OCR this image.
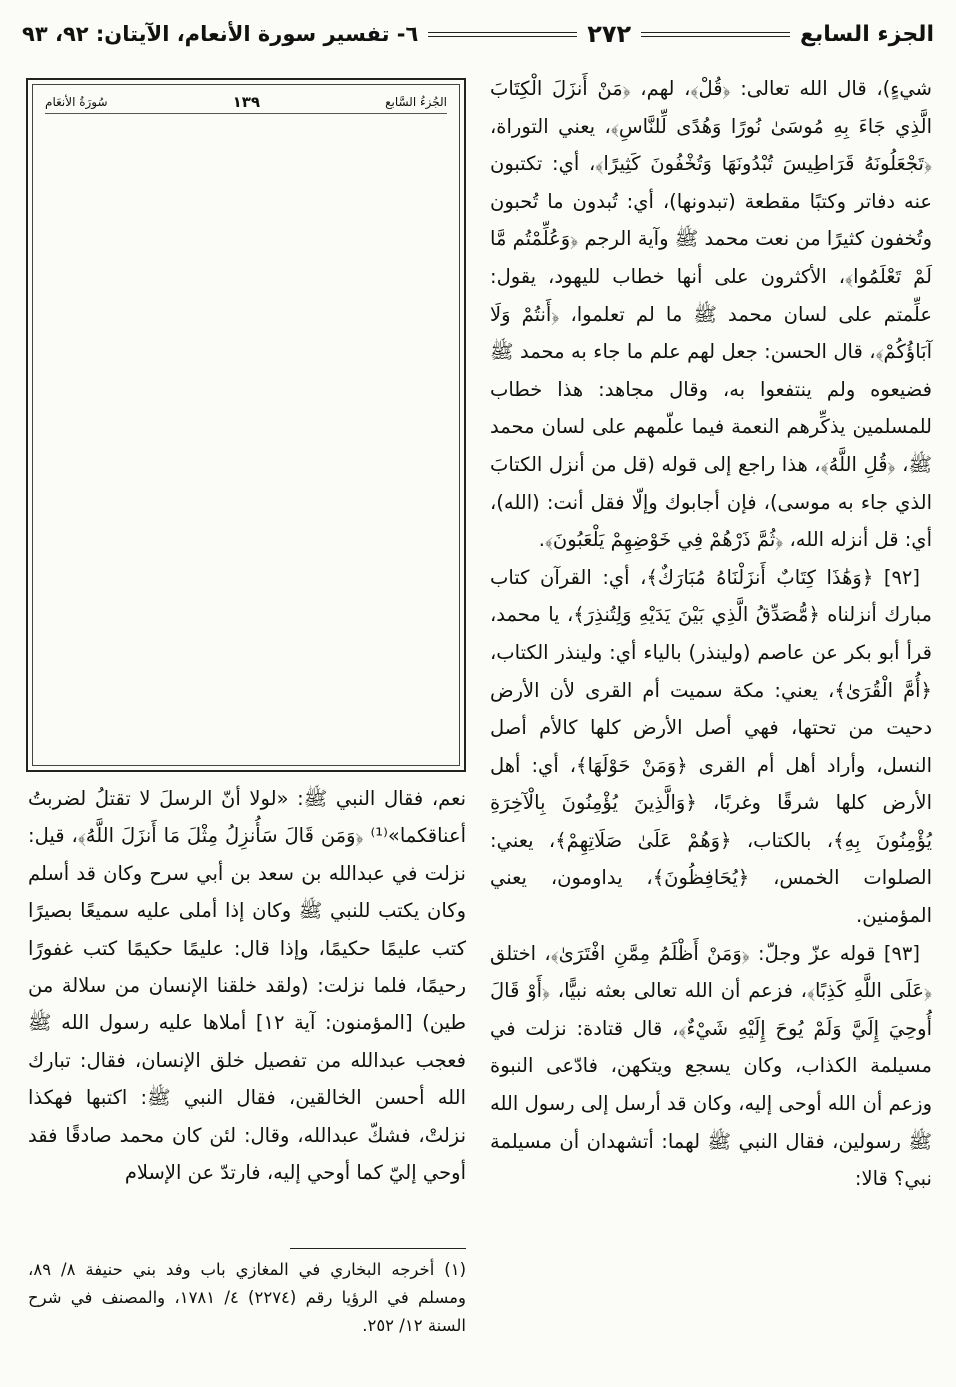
الجزء السابع
٢٧٢
٦- تفسير سورة الأنعام، الآيتان: ٩٢، ٩٣

شيءٍ)، قال الله تعالى: ﴿قُلْ﴾، لهم، ﴿مَنْ أَنزَلَ الْكِتَابَ الَّذِي جَاءَ بِهِ مُوسَىٰ نُورًا وَهُدًى لِّلنَّاسِ﴾، يعني التوراة، ﴿تَجْعَلُونَهُ قَرَاطِيسَ تُبْدُونَهَا وَتُخْفُونَ كَثِيرًا﴾، أي: تكتبون عنه دفاتر وكتبًا مقطعة (تبدونها)، أي: تُبدون ما تُحبون وتُخفون كثيرًا من نعت محمد ﷺ وآية الرجم ﴿وَعُلِّمْتُم مَّا لَمْ تَعْلَمُوا﴾، الأكثرون على أنها خطاب لليهود، يقول: علِّمتم على لسان محمد ﷺ ما لم تعلموا، ﴿أَنتُمْ وَلَا آبَاؤُكُمْ﴾، قال الحسن: جعل لهم علم ما جاء به محمد ﷺ فضيعوه ولم ينتفعوا به، وقال مجاهد: هذا خطاب للمسلمين يذكِّرهم النعمة فيما علّمهم على لسان محمد ﷺ، ﴿قُلِ اللَّهُ﴾، هذا راجع إلى قوله (قل من أنزل الكتابَ الذي جاء به موسى)، فإن أجابوك وإلّا فقل أنت: (الله)، أي: قل أنزله الله، ﴿ثُمَّ ذَرْهُمْ فِي خَوْضِهِمْ يَلْعَبُونَ﴾.

[٩٢] ﴿وَهَٰذَا كِتَابٌ أَنزَلْنَاهُ مُبَارَكٌ﴾، أي: القرآن كتاب مبارك أنزلناه ﴿مُّصَدِّقُ الَّذِي بَيْنَ يَدَيْهِ وَلِتُنذِرَ﴾، يا محمد، قرأ أبو بكر عن عاصم (ولينذر) بالياء أي: ولينذر الكتاب، ﴿أُمَّ الْقُرَىٰ﴾، يعني: مكة سميت أم القرى لأن الأرض دحيت من تحتها، فهي أصل الأرض كلها كالأم أصل النسل، وأراد أهل أم القرى ﴿وَمَنْ حَوْلَهَا﴾، أي: أهل الأرض كلها شرقًا وغربًا، ﴿وَالَّذِينَ يُؤْمِنُونَ بِالْآخِرَةِ يُؤْمِنُونَ بِهِ﴾، بالكتاب، ﴿وَهُمْ عَلَىٰ صَلَاتِهِمْ﴾، يعني: الصلوات الخمس، ﴿يُحَافِظُونَ﴾، يداومون، يعني المؤمنين.

[٩٣] قوله عزّ وجلّ: ﴿وَمَنْ أَظْلَمُ مِمَّنِ افْتَرَىٰ﴾، اختلق ﴿عَلَى اللَّهِ كَذِبًا﴾، فزعم أن الله تعالى بعثه نبيًّا، ﴿أَوْ قَالَ أُوحِيَ إِلَيَّ وَلَمْ يُوحَ إِلَيْهِ شَيْءٌ﴾، قال قتادة: نزلت في مسيلمة الكذاب، وكان يسجع ويتكهن، فادّعى النبوة وزعم أن الله أوحى إليه، وكان قد أرسل إلى رسول الله ﷺ رسولين، فقال النبي ﷺ لهما: أتشهدان أن مسيلمة نبي؟ قالا:

الجُزءُ السَّابع
١٣٩
سُورَةُ الأنعَام

نعم، فقال النبي ﷺ: «لولا أنّ الرسلَ لا تقتلُ لضربتُ أعناقكما»⁽¹⁾ ﴿وَمَن قَالَ سَأُنزِلُ مِثْلَ مَا أَنزَلَ اللَّهُ﴾، قيل: نزلت في عبدالله بن سعد بن أبي سرح وكان قد أسلم وكان يكتب للنبي ﷺ وكان إذا أملى عليه سميعًا بصيرًا كتب عليمًا حكيمًا، وإذا قال: عليمًا حكيمًا كتب غفورًا رحيمًا، فلما نزلت: (ولقد خلقنا الإنسان من سلالة من طين) [المؤمنون: آية ١٢] أملاها عليه رسول الله ﷺ فعجب عبدالله من تفصيل خلق الإنسان، فقال: تبارك الله أحسن الخالقين، فقال النبي ﷺ: اكتبها فهكذا نزلتْ، فشكّ عبدالله، وقال: لئن كان محمد صادقًا فقد أوحي إليّ كما أوحي إليه، فارتدّ عن الإسلام

(١) أخرجه البخاري في المغازي باب وفد بني حنيفة ٨/ ٨٩، ومسلم في الرؤيا رقم (٢٢٧٤) ٤/ ١٧٨١، والمصنف في شرح السنة ١٢/ ٢٥٢.
